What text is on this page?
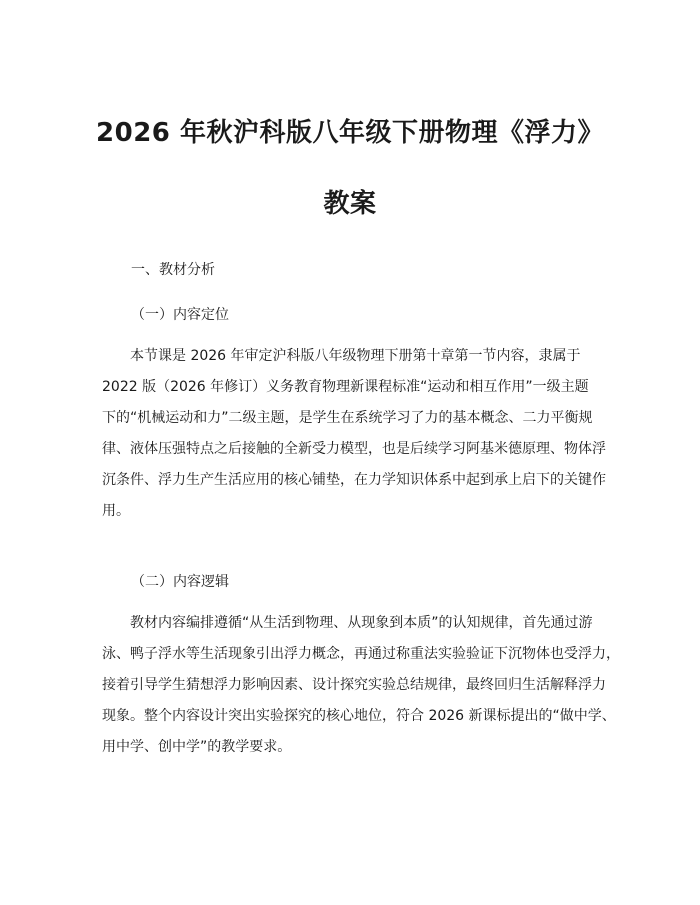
2026 年秋沪科版八年级下册物理《浮力》
教案
一、教材分析
（一）内容定位
本节课是 2026 年审定沪科版八年级物理下册第十章第一节内容，隶属于
2022 版（2026 年修订）义务教育物理新课程标准“运动和相互作用”一级主题
下的“机械运动和力”二级主题，是学生在系统学习了力的基本概念、二力平衡规
律、液体压强特点之后接触的全新受力模型，也是后续学习阿基米德原理、物体浮
沉条件、浮力生产生活应用的核心铺垫，在力学知识体系中起到承上启下的关键作
用。
（二）内容逻辑
教材内容编排遵循“从生活到物理、从现象到本质”的认知规律，首先通过游
泳、鸭子浮水等生活现象引出浮力概念，再通过称重法实验验证下沉物体也受浮力，
接着引导学生猜想浮力影响因素、设计探究实验总结规律，最终回归生活解释浮力
现象。整个内容设计突出实验探究的核心地位，符合 2026 新课标提出的“做中学、
用中学、创中学”的教学要求。
